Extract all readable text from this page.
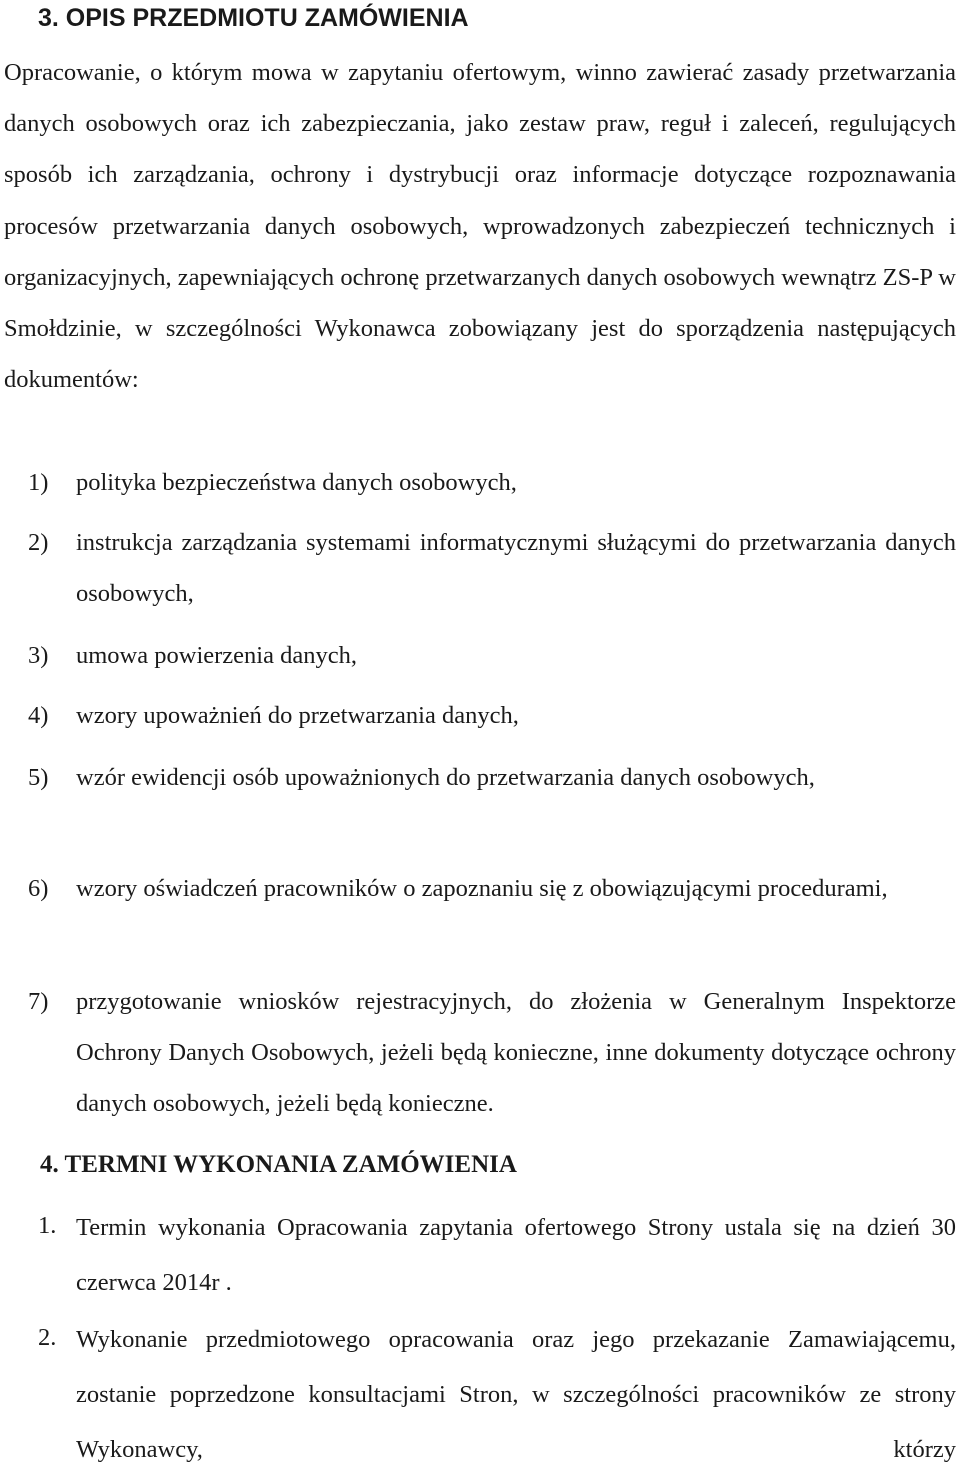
3. OPIS PRZEDMIOTU ZAMÓWIENIA
Opracowanie, o którym mowa w zapytaniu ofertowym, winno zawierać zasady przetwarzania danych osobowych oraz ich zabezpieczania, jako zestaw praw, reguł i zaleceń, regulujących sposób ich zarządzania, ochrony i dystrybucji oraz informacje dotyczące rozpoznawania procesów przetwarzania danych osobowych, wprowadzonych zabezpieczeń technicznych i organizacyjnych, zapewniających ochronę przetwarzanych danych osobowych wewnątrz ZS-P w Smołdzinie, w szczególności Wykonawca zobowiązany jest do sporządzenia następujących dokumentów:
1) polityka bezpieczeństwa danych osobowych,
2) instrukcja zarządzania systemami informatycznymi służącymi do przetwarzania danych osobowych,
3) umowa powierzenia danych,
4) wzory upoważnień do przetwarzania danych,
5) wzór ewidencji osób upoważnionych do przetwarzania danych osobowych,
6) wzory oświadczeń pracowników o zapoznaniu się z obowiązującymi procedurami,
7) przygotowanie wniosków rejestracyjnych, do złożenia w Generalnym Inspektorze Ochrony Danych Osobowych, jeżeli będą konieczne, inne dokumenty dotyczące ochrony danych osobowych, jeżeli będą konieczne.
4. TERMNI WYKONANIA ZAMÓWIENIA
1. Termin wykonania Opracowania zapytania ofertowego Strony ustala się na dzień 30 czerwca 2014r .
2. Wykonanie przedmiotowego opracowania oraz jego przekazanie Zamawiającemu, zostanie poprzedzone konsultacjami Stron, w szczególności pracowników ze strony Wykonawcy, którzy
